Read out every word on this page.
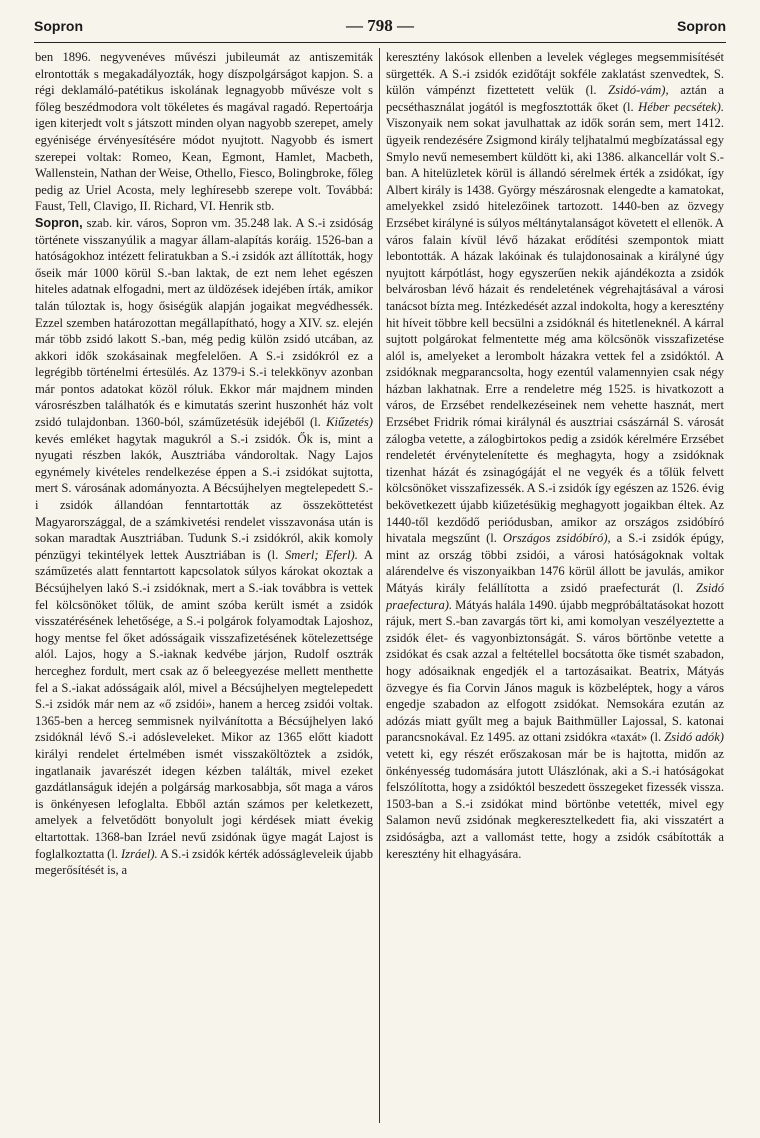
Sopron	— 798 —	Sopron

ben 1896. negyvenéves művészi jubileumát az antiszemiták elrontották s megakadályozták, hogy díszpolgárságot kapjon. S. a régi deklamáló-patétikus iskolának legnagyobb művésze volt s főleg beszédmodora volt tökéletes és magával ragadó. Repertoárja igen kiterjedt volt s játszott minden olyan nagyobb szerepet, amely egyénisége érvényesítésére módot nyujtott. Nagyobb és ismert szerepei voltak: Romeo, Kean, Egmont, Hamlet, Macbeth, Wallenstein, Nathan der Weise, Othello, Fiesco, Bolingbroke, főleg pedig az Uriel Acosta, mely leghíresebb szerepe volt. Továbbá: Faust, Tell, Clavigo, II. Richard, VI. Henrik stb.

Sopron, szab. kir. város, Sopron vm. 35.248 lak. A S.-i zsidóság története visszanyúlik a magyar állam-alapítás koráig. 1526-ban a hatóságokhoz intézett feliratukban a S.-i zsidók azt állították, hogy őseik már 1000 körül S.-ban laktak, de ezt nem lehet egészen hiteles adatnak elfogadni, mert az üldözések idejében írták, amikor talán túloztak is, hogy ősiségük alapján jogaikat megvédhessék. Ezzel szemben határozottan megállapítható, hogy a XIV. sz. elején már több zsidó lakott S.-ban, még pedig külön zsidó utcában, az akkori idők szokásainak megfelelően. A S.-i zsidókról ez a legrégibb történelmi értesülés. Az 1379-i S.-i telekkönyv azonban már pontos adatokat közöl róluk. Ekkor már majdnem minden városrészben találhatók és e kimutatás szerint huszonhét ház volt zsidó tulajdonban. 1360-ból, száműzetésük idejéből (l. Kiűzetés) kevés emléket hagytak magukról a S.-i zsidók. Ők is, mint a nyugati részben lakók, Ausztriába vándoroltak. Nagy Lajos egynémely kivételes rendelkezése éppen a S.-i zsidókat sujtotta, mert S. városának adományozta. A Bécsújhelyen megtelepedett S.-i zsidók állandóan fenntartották az összeköttetést Magyarországgal, de a számkivetési rendelet visszavonása után is sokan maradtak Ausztriában. Tudunk S.-i zsidókról, akik komoly pénzügyi tekintélyek lettek Ausztriában is (l. Smerl; Eferl). A száműzetés alatt fenntartott kapcsolatok súlyos károkat okoztak a Bécsújhelyen lakó S.-i zsidóknak, mert a S.-iak továbbra is vettek fel kölcsönöket tőlük, de amint szóba került ismét a zsidók visszatérésének lehetősége, a S.-i polgárok folyamodtak Lajoshoz, hogy mentse fel őket adósságaik visszafizetésének kötelezettsége alól. Lajos, hogy a S.-iaknak kedvébe járjon, Rudolf osztrák herceghez fordult, mert csak az ő beleegyezése mellett menthette fel a S.-iakat adósságaik alól, mivel a Bécsújhelyen megtelepedett S.-i zsidók már nem az «ő zsidói», hanem a herceg zsidói voltak. 1365-ben a herceg semmisnek nyilvánította a Bécsújhelyen lakó zsidóknál lévő S.-i adósleveleket. Mikor az 1365 előtt kiadott királyi rendelet értelmében ismét visszaköltöztek a zsidók, ingatlanaik javarészét idegen kézben találták, mivel ezeket gazdátlanságuk idején a polgárság markosabbja, sőt maga a város is önkényesen lefoglalta. Ebből aztán számos per keletkezett, amelyek a felvetődött bonyolult jogi kérdések miatt évekig eltartottak. 1368-ban Izráel nevű zsidónak ügye magát Lajost is foglalkoztatta (l. Izráel). A S.-i zsidók kérték adósságleveleik újabb megerősítését is, a

keresztény lakósok ellenben a levelek végleges megsemmisítését sürgették. A S.-i zsidók ezidőtájt sokféle zaklatást szenvedtek, S. külön vámpénzt fizettetett velük (l. Zsidó-vám), aztán a pecséthasználat jogától is megfosztották őket (l. Héber pecsétek). Viszonyaik nem sokat javulhattak az idők során sem, mert 1412. ügyeik rendezésére Zsigmond király teljhatalmú megbízatással egy Smylo nevű nemesembert küldött ki, aki 1386. alkancellár volt S.-ban. A hitelüzletek körül is állandó sérelmek érték a zsidókat, így Albert király is 1438. György mészárosnak elengedte a kamatokat, amelyekkel zsidó hitelezőinek tartozott. 1440-ben az özvegy Erzsébet királyné is súlyos méltánytalanságot követett el ellenök. A város falain kívül lévő házakat erődítési szempontok miatt lebontották. A házak lakóinak és tulajdonosainak a királyné úgy nyujtott kárpótlást, hogy egyszerűen nekik ajándékozta a zsidók belvárosban lévő házait és rendeletének végrehajtásával a városi tanácsot bízta meg. Intézkedését azzal indokolta, hogy a keresztény hit híveit többre kell becsülni a zsidóknál és hitetleneknél. A kárral sujtott polgárokat felmentette még ama kölcsönök visszafizetése alól is, amelyeket a lerombolt házakra vettek fel a zsidóktól. A zsidóknak megparancsolta, hogy ezentúl valamennyien csak négy házban lakhatnak. Erre a rendeletre még 1525. is hivatkozott a város, de Erzsébet rendelkezéseinek nem vehette hasznát, mert Erzsébet Fridrik római királynál és ausztriai császárnál S. városát zálogba vetette, a zálogbirtokos pedig a zsidók kérelmére Erzsébet rendeletét érvénytelenítette és meghagyta, hogy a zsidóknak tizenhat házát és zsinagógáját el ne vegyék és a tőlük felvett kölcsönöket visszafizessék. A S.-i zsidók így egészen az 1526. évig bekövetkezett újabb kiűzetésükig meghagyott jogaikban éltek. Az 1440-től kezdődő periódusban, amikor az országos zsidóbíró hivatala megszűnt (l. Országos zsidóbíró), a S.-i zsidók épúgy, mint az ország többi zsidói, a városi hatóságoknak voltak alárendelve és viszonyaikban 1476 körül állott be javulás, amikor Mátyás király felállította a zsidó praefecturát (l. Zsidó praefectura). Mátyás halála 1490. újabb megpróbáltatásokat hozott rájuk, mert S.-ban zavargás tört ki, ami komolyan veszélyeztette a zsidók élet- és vagyonbiztonságát. S. város börtönbe vetette a zsidókat és csak azzal a feltétellel bocsátotta őke tismét szabadon, hogy adósaiknak engedjék el a tartozásaikat. Beatrix, Mátyás özvegye és fia Corvin János maguk is közbeléptek, hogy a város engedje szabadon az elfogott zsidókat. Nemsokára ezután az adózás miatt gyűlt meg a bajuk Baithmüller Lajossal, S. katonai parancsnokával. Ez 1495. az ottani zsidókra «taxát» (l. Zsidó adók) vetett ki, egy részét erőszakosan már be is hajtotta, midőn az önkényesség tudomására jutott Ulászlónak, aki a S.-i hatóságokat felszólította, hogy a zsidóktól beszedett összegeket fizessék vissza. 1503-ban a S.-i zsidókat mind börtönbe vetették, mivel egy Salamon nevű zsidónak megkeresztelkedett fia, aki visszatért a zsidóságba, azt a vallomást tette, hogy a zsidók csábították a keresztény hit elhagyására.
